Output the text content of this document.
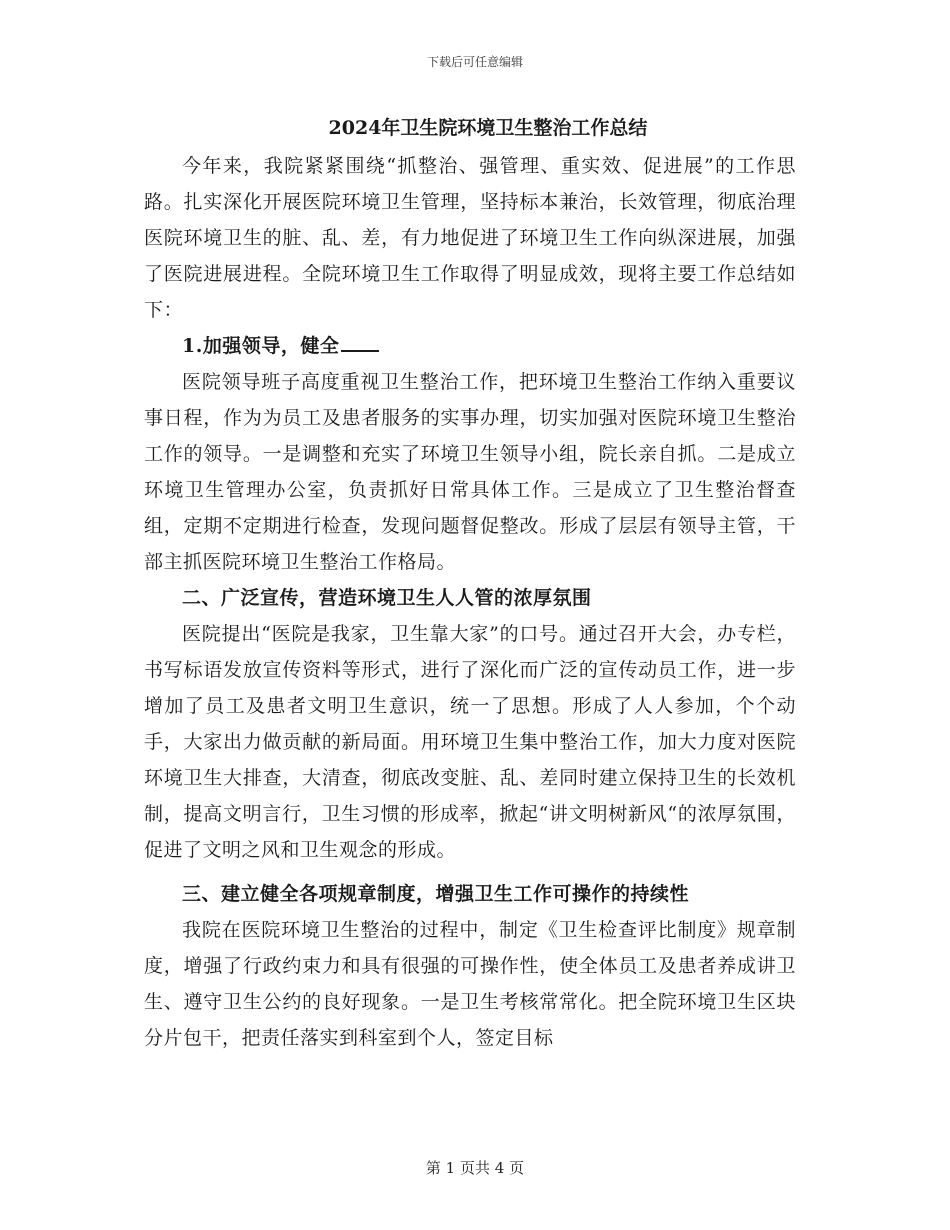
下载后可任意编辑

2024年卫生院环境卫生整治工作总结

今年来，我院紧紧围绕“抓整治、强管理、重实效、促进展”的工作思路。扎实深化开展医院环境卫生管理，坚持标本兼治，长效管理，彻底治理医院环境卫生的脏、乱、差，有力地促进了环境卫生工作向纵深进展，加强了医院进展进程。全院环境卫生工作取得了明显成效，现将主要工作总结如下：

1.加强领导，健全

医院领导班子高度重视卫生整治工作，把环境卫生整治工作纳入重要议事日程，作为为员工及患者服务的实事办理，切实加强对医院环境卫生整治工作的领导。一是调整和充实了环境卫生领导小组，院长亲自抓。二是成立环境卫生管理办公室，负责抓好日常具体工作。三是成立了卫生整治督查组，定期不定期进行检查，发现问题督促整改。形成了层层有领导主管，干部主抓医院环境卫生整治工作格局。

二、广泛宣传，营造环境卫生人人管的浓厚氛围

医院提出“医院是我家，卫生靠大家”的口号。通过召开大会，办专栏，书写标语发放宣传资料等形式，进行了深化而广泛的宣传动员工作，进一步增加了员工及患者文明卫生意识，统一了思想。形成了人人参加，个个动手，大家出力做贡献的新局面。用环境卫生集中整治工作，加大力度对医院环境卫生大排查，大清查，彻底改变脏、乱、差同时建立保持卫生的长效机制，提高文明言行，卫生习惯的形成率，掀起“讲文明树新风“的浓厚氛围，促进了文明之风和卫生观念的形成。

三、建立健全各项规章制度，增强卫生工作可操作的持续性

我院在医院环境卫生整治的过程中，制定《卫生检查评比制度》规章制度，增强了行政约束力和具有很强的可操作性，使全体员工及患者养成讲卫生、遵守卫生公约的良好现象。一是卫生考核常常化。把全院环境卫生区块分片包干，把责任落实到科室到个人，签定目标

第 1 页共 4 页
